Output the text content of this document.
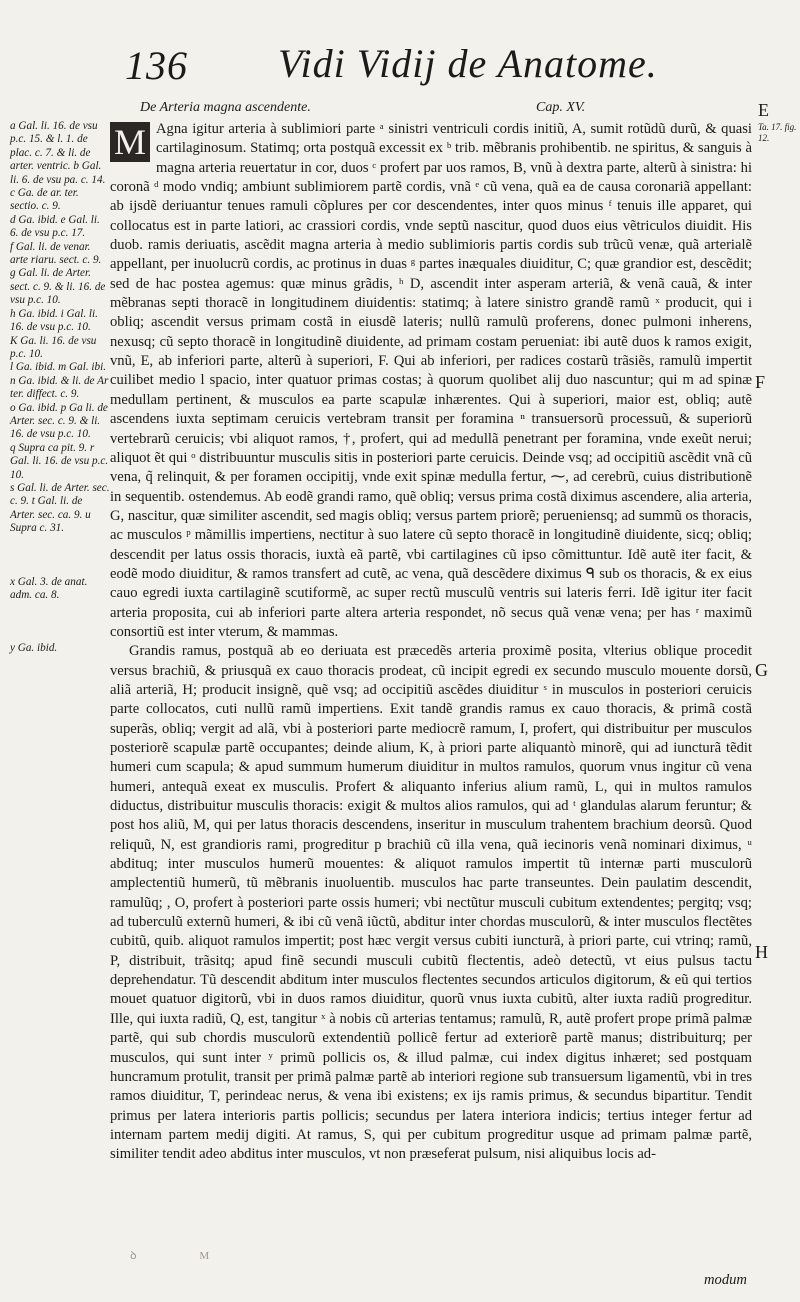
136 Vidi Vidij de Anatome.
De Arteria magna ascendente.	Cap. XV.	E
Ta. 17. fig. 12.
F
G
H
a Gal. li. 16. de vsu p.c. 15. & l. 1. de plac. c. 7. & li. de arter. ventric. b Gal. li. 6. de vsu pa. c. 14.
c Ga. de ar. ter. sectio. c. 9.
d Ga. ibid. e Gal. li. 6. de vsu p.c. 17.
f Gal. li. de venar. arte riaru. sect. c. 9.
g Gal. li. de Arter. sect. c. 9. & li. 16. de vsu p.c. 10.
h Ga. ibid. i Gal. li. 16. de vsu p.c. 10.
K Ga. li. 16. de vsu p.c. 10.
l Ga. ibid. m Gal. ibi. n Ga. ibid. & li. de Ar ter. diffect. c. 9.
o Ga. ibid. p Ga li. de Arter. sec. c. 9. & li. 16. de vsu p.c. 10.
q Supra ca pit. 9. r Gal. li. 16. de vsu p.c. 10.
s Gal. li. de Arter. sec. c. 9. t Gal. li. de Arter. sec. ca. 9. u Supra c. 31.
x Gal. 3. de anat. adm. ca. 8.
y Ga. ibid.

M Agna igitur arteria à sublimiori parte ᵃ sinistri ventriculi cordis initiũ, A, sumit rotũdũ durũ, & quasi cartilaginosum. Statimq; orta postquã excessit ex ᵇ trib. mẽbranis prohibentib. ne spiritus, & sanguis à magna arteria reuertatur in cor, duos ᶜ profert par uos ramos, B, vnũ à dextra parte, alterũ à sinistra: hi coronã ᵈ modo vndiq; ambiunt sublimiorem partẽ cordis, vnã ᵉ cũ vena, quã ea de causa coronariã appellant: ab ijsdẽ deriuantur tenues ramuli cõplures per cor descendentes, inter quos minus ᶠ tenuis ille apparet, qui collocatus est in parte latiori, ac crassiori cordis, vnde septũ nascitur, quod duos eius vẽtriculos diuidit. His duob. ramis deriuatis, ascẽdit magna arteria à medio sublimioris partis cordis sub trũcũ venæ, quã arterialẽ appellant, per inuolucrũ cordis, ac protinus in duas ᵍ partes inæquales diuiditur, C; quæ grandior est, descẽdit; sed de hac postea agemus: quæ minus grãdis, ʰ D, ascendit inter asperam arteriã, & venã cauã, & inter mẽbranas septi thoracẽ in longitudinem diuidentis: statimq; à latere sinistro grandẽ ramũ ˣ producit, qui i obliq; ascendit versus primam costã in eiusdẽ lateris; nullũ ramulũ proferens, donec pulmoni inherens, nexusq; cũ septo thoracẽ in longitudinẽ diuidente, ad primam costam perueniat: ibi autẽ duos k ramos exigit, vnũ, E, ab inferiori parte, alterũ à superiori, F. Qui ab inferiori, per radices costarũ trãsiẽs, ramulũ impertit cuilibet medio l spacio, inter quatuor primas costas; à quorum quolibet alij duo nascuntur; qui m ad spinæ medullam pertinent, & musculos ea parte scapulæ inhærentes. Qui à superiori, maior est, obliq; autẽ ascendens iuxta septimam ceruicis vertebram transit per foramina ⁿ transuersorũ processuũ, & superiorũ vertebrarũ ceruicis; vbi aliquot ramos, †, profert, qui ad medullã penetrant per foramina, vnde exeũt nerui; aliquot ẽt qui ᵒ distribuuntur musculis sitis in posteriori parte ceruicis. Deinde vsq; ad occipitiũ ascẽdit vnã cũ vena, q̃ relinquit, & per foramen occipitij, vnde exit spinæ medulla fertur, ⁓, ad cerebrũ, cuius distributionẽ in sequentib. ostendemus. Ab eodẽ grandi ramo, quẽ obliq; versus prima costã diximus ascendere, alia arteria, G, nascitur, quæ similiter ascendit, sed magis obliq; versus partem priorẽ; perueniensq; ad summũ os thoracis, ac musculos ᵖ mãmillis impertiens, nectitur à suo latere cũ septo thoracẽ in longitudinẽ diuidente, sicq; obliq; descendit per latus ossis thoracis, iuxtà eã partẽ, vbi cartilagines cũ ipso cõmittuntur. Idẽ autẽ iter facit, & eodẽ modo diuiditur, & ramos transfert ad cutẽ, ac vena, quã descẽdere diximus ᑫ sub os thoracis, & ex eius cauo egredi iuxta cartilaginẽ scutiformẽ, ac super rectũ musculũ ventris sui lateris ferri. Idẽ igitur iter facit arteria proposita, cui ab inferiori parte altera arteria respondet, nõ secus quã venæ vena; per has ʳ maximũ consortiũ est inter vterum, & mammas.

Grandis ramus, postquã ab eo deriuata est præcedẽs arteria proximẽ posita, vlterius oblique procedit versus brachiũ, & priusquã ex cauo thoracis prodeat, cũ incipit egredi ex secundo musculo mouente dorsũ, aliã arteriã, H; producit insignẽ, quẽ vsq; ad occipitiũ ascẽdes diuiditur ˢ in musculos in posteriori ceruicis parte collocatos, cuti nullũ ramũ impertiens. Exit tandẽ grandis ramus ex cauo thoracis, & primã costã superãs, obliq; vergit ad alã, vbi à posteriori parte mediocrẽ ramum, I, profert, qui distribuitur per musculos posteriorẽ scapulæ partẽ occupantes; deinde alium, K, à priori parte aliquantò minorẽ, qui ad iuncturã tẽdit humeri cum scapula; & apud summum humerum diuiditur in multos ramulos, quorum vnus ingitur cũ vena humeri, antequã exeat ex musculis. Profert & aliquanto inferius alium ramũ, L, qui in multos ramulos diductus, distribuitur musculis thoracis: exigit & multos alios ramulos, qui ad ᵗ glandulas alarum feruntur; & post hos aliũ, M, qui per latus thoracis descendens, inseritur in musculum trahentem brachium deorsũ. Quod reliquũ, N, est grandioris rami, progreditur p brachiũ cũ illa vena, quã iecinoris venã nominari diximus, ᵘ abdituq; inter musculos humerũ mouentes: & aliquot ramulos impertit tũ internæ parti musculorũ amplectentiũ humerũ, tũ mẽbranis inuoluentib. musculos hac parte transeuntes. Dein paulatim descendit, ramulũq; , O, profert à posteriori parte ossis humeri; vbi nectũtur musculi cubitum extendentes; pergitq; vsq; ad tuberculũ externũ humeri, & ibi cũ venã iũctũ, abditur inter chordas musculorũ, & inter musculos flectẽtes cubitũ, quib. aliquot ramulos impertit; post hæc vergit versus cubiti iuncturã, à priori parte, cui vtrinq; ramũ, P, distribuit, trãsitq; apud finẽ secundi musculi cubitũ flectentis, adeò detectũ, vt eius pulsus tactu deprehendatur. Tũ descendit abditum inter musculos flectentes secundos articulos digitorum, & eũ qui tertios mouet quatuor digitorũ, vbi in duos ramos diuiditur, quorũ vnus iuxta cubitũ, alter iuxta radiũ progreditur. Ille, qui iuxta radiũ, Q, est, tangitur ˣ à nobis cũ arterias tentamus; ramulũ, R, autẽ profert prope primã palmæ partẽ, qui sub chordis musculorũ extendentiũ pollicẽ fertur ad exteriorẽ partẽ manus; distribuiturq; per musculos, qui sunt inter ʸ primũ pollicis os, & illud palmæ, cui index digitus inhæret; sed postquam huncramum protulit, transit per primã palmæ partẽ ab interiori regione sub transuersum ligamentũ, vbi in tres ramos diuiditur, T, perindeac nerus, & vena ibi existens; ex ijs ramis primus, & secundus bipartitur. Tendit primus per latera interioris partis pollicis; secundus per latera interiora indicis; tertius integer fertur ad internam partem medij digiti. At ramus, S, qui per cubitum progreditur usque ad primam palmæ partẽ, similiter tendit adeo abditus inter musculos, vt non præseferat pulsum, nisi aliquibus locis ad-

ꝺ M
modum
